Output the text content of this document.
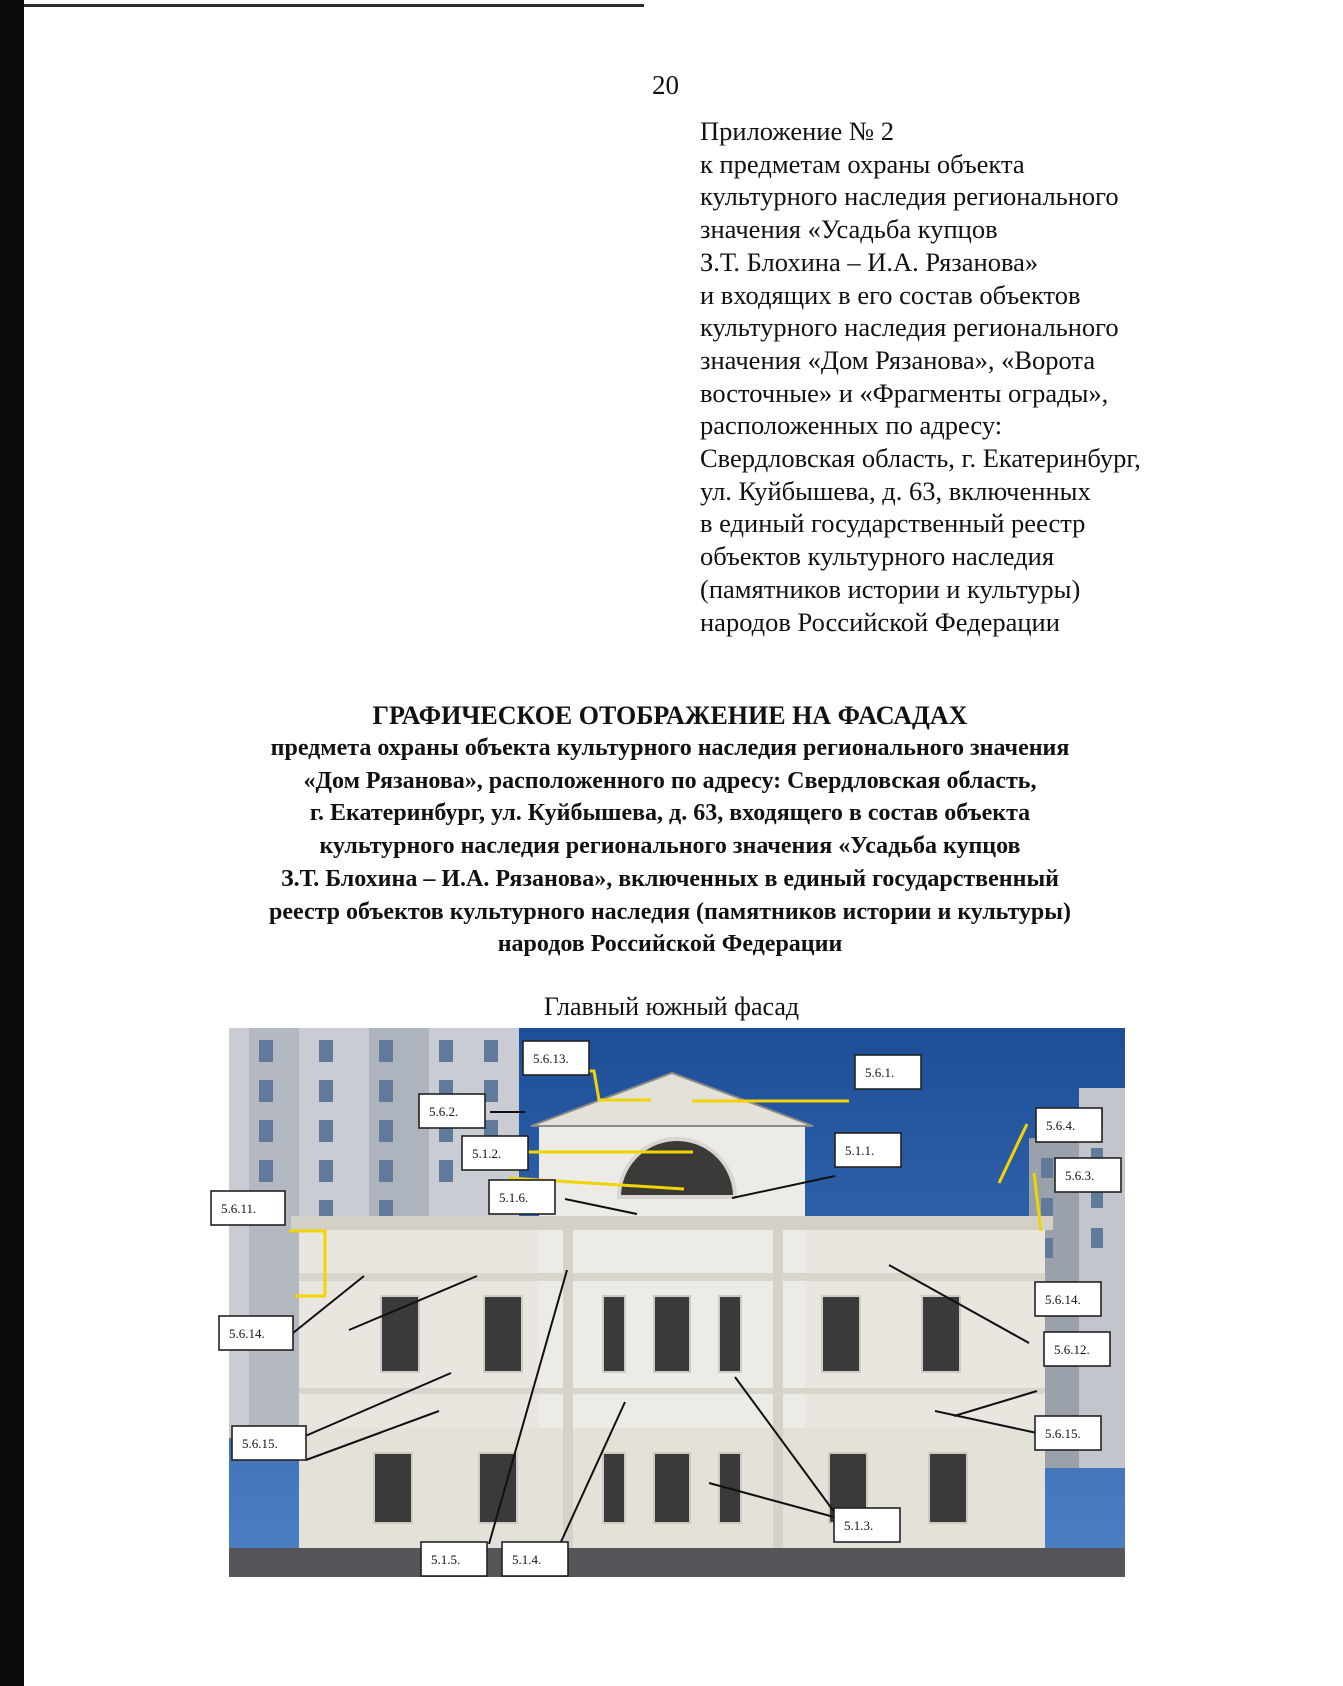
20
Приложение № 2
к предметам охраны объекта
культурного наследия регионального
значения «Усадьба купцов
З.Т. Блохина – И.А. Рязанова»
и входящих в его состав объектов
культурного наследия регионального
значения «Дом Рязанова», «Ворота
восточные» и «Фрагменты ограды»,
расположенных по адресу:
Свердловская область, г. Екатеринбург,
ул. Куйбышева, д. 63, включенных
в единый государственный реестр
объектов культурного наследия
(памятников истории и культуры)
народов Российской Федерации
ГРАФИЧЕСКОЕ ОТОБРАЖЕНИЕ НА ФАСАДАХ
предмета охраны объекта культурного наследия регионального значения
«Дом Рязанова», расположенного по адресу: Свердловская область,
г. Екатеринбург, ул. Куйбышева, д. 63, входящего в состав объекта
культурного наследия регионального значения «Усадьба купцов
З.Т. Блохина – И.А. Рязанова», включенных в единый государственный
реестр объектов культурного наследия (памятников истории и культуры)
народов Российской Федерации
Главный южный фасад
5.6.13.
5.6.1.
5.6.2.
5.6.4.
5.1.2.	5.1.1.
5.6.3.
5.1.6.
5.6.11.
5.6.14.
5.6.14.
5.6.12.
5.6.15.
5.6.15.
5.1.3.
5.1.5.	5.1.4.
